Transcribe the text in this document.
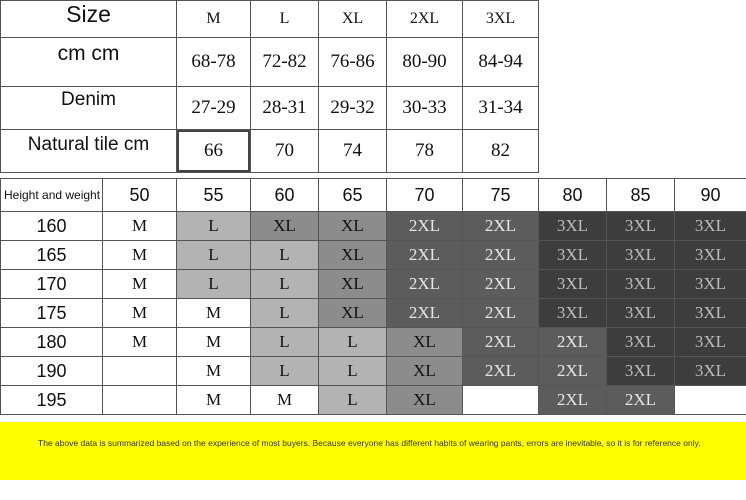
Size	M	L	XL	2XL	3XL
cm cm	68-78	72-82	76-86	80-90	84-94
Denim	27-29	28-31	29-32	30-33	31-34
Natural tile cm	66	70	74	78	82
Height and weight	50	55	60	65	70	75	80	85	90
160	M	L	XL	XL	2XL	2XL	3XL	3XL	3XL
165	M	L	L	XL	2XL	2XL	3XL	3XL	3XL
170	M	L	L	XL	2XL	2XL	3XL	3XL	3XL
175	M	M	L	XL	2XL	2XL	3XL	3XL	3XL
180	M	M	L	L	XL	2XL	2XL	3XL	3XL
190		M	L	L	XL	2XL	2XL	3XL	3XL
195		M	M	L	XL		2XL	2XL	
The above data is summarized based on the experience of most buyers. Because everyone has different habits of wearing pants, errors are inevitable, so it is for reference only.
